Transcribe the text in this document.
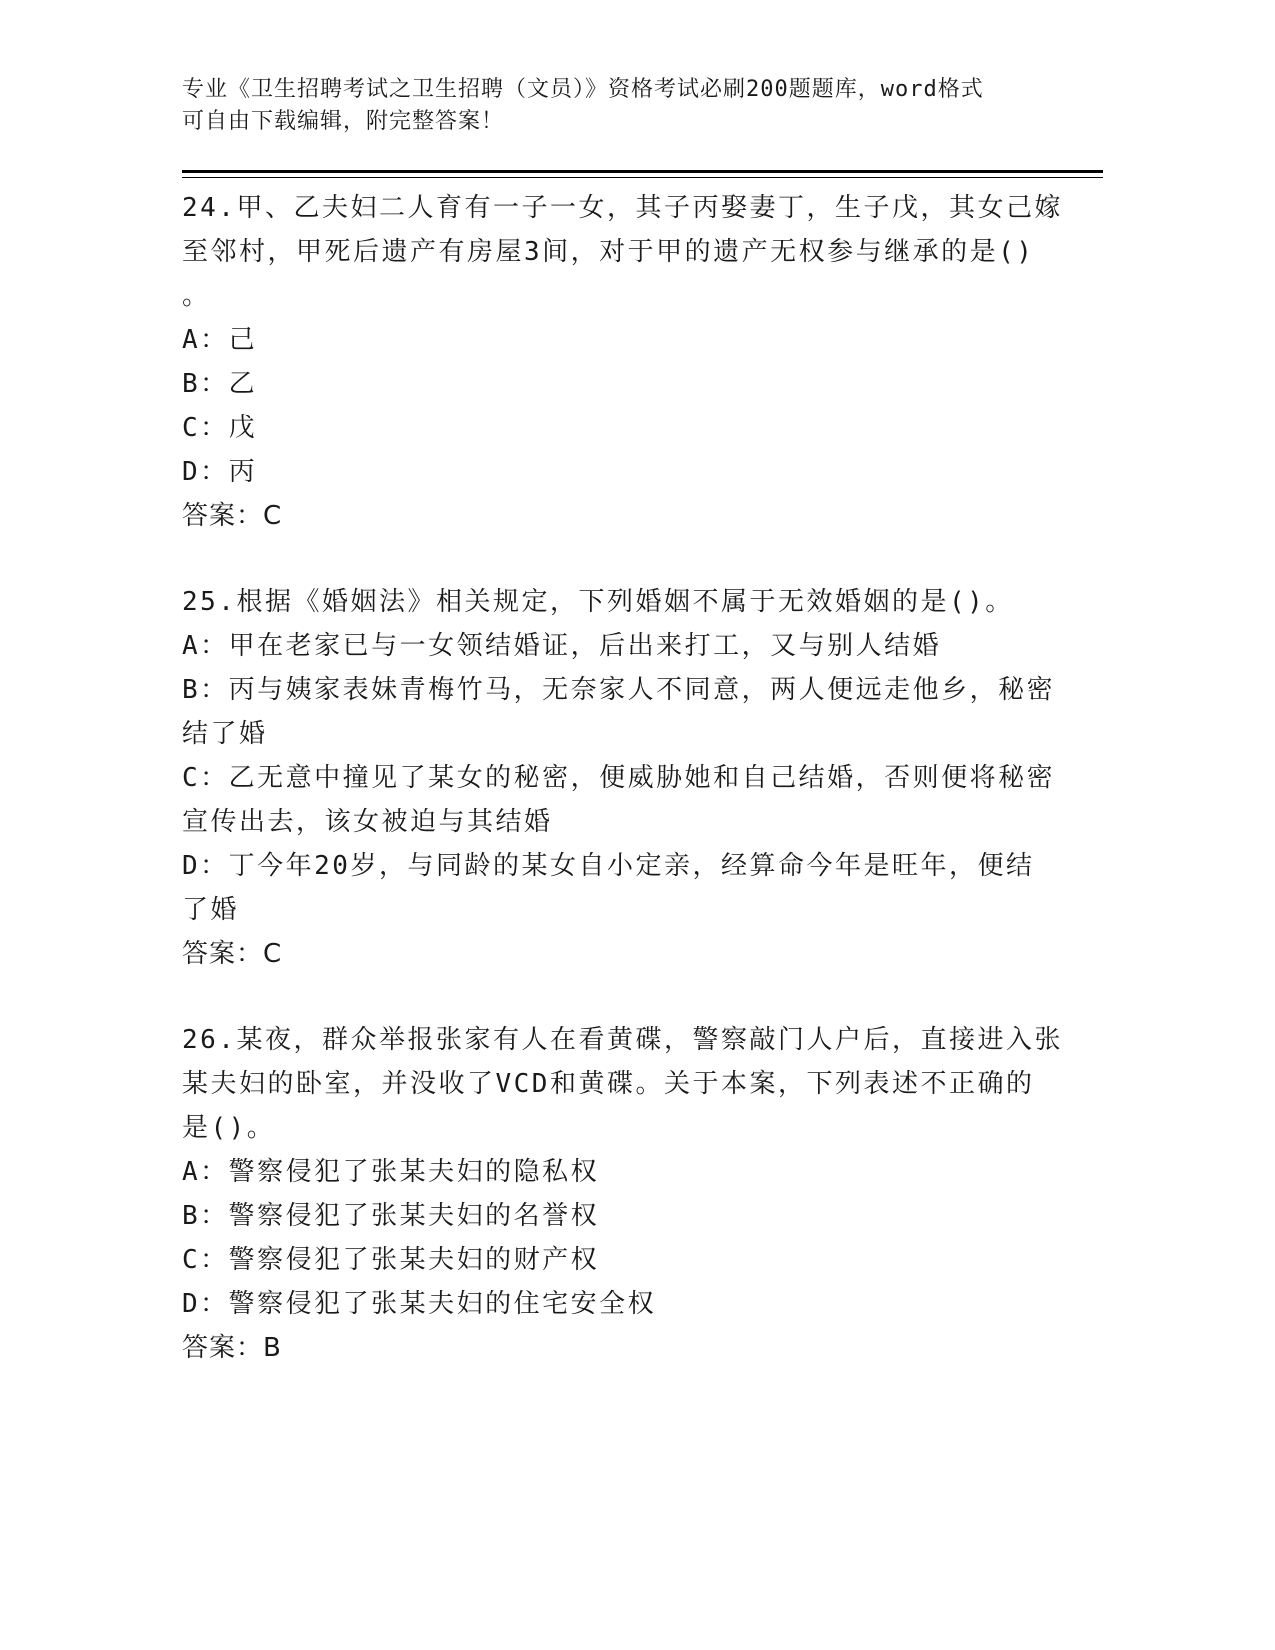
专业《卫生招聘考试之卫生招聘（文员）》资格考试必刷200题题库，word格式
可自由下载编辑，附完整答案！
24.甲、乙夫妇二人育有一子一女，其子丙娶妻丁，生子戊，其女己嫁
至邻村，甲死后遗产有房屋3间，对于甲的遗产无权参与继承的是()
。
A：己
B：乙
C：戊
D：丙
答案：C
25.根据《婚姻法》相关规定，下列婚姻不属于无效婚姻的是()。
A：甲在老家已与一女领结婚证，后出来打工，又与别人结婚
B：丙与姨家表妹青梅竹马，无奈家人不同意，两人便远走他乡，秘密
结了婚
C：乙无意中撞见了某女的秘密，便威胁她和自己结婚，否则便将秘密
宣传出去，该女被迫与其结婚
D：丁今年20岁，与同龄的某女自小定亲，经算命今年是旺年，便结
了婚
答案：C
26.某夜，群众举报张家有人在看黄碟，警察敲门人户后，直接进入张
某夫妇的卧室，并没收了VCD和黄碟。关于本案，下列表述不正确的
是()。
A：警察侵犯了张某夫妇的隐私权
B：警察侵犯了张某夫妇的名誉权
C：警察侵犯了张某夫妇的财产权
D：警察侵犯了张某夫妇的住宅安全权
答案：B
